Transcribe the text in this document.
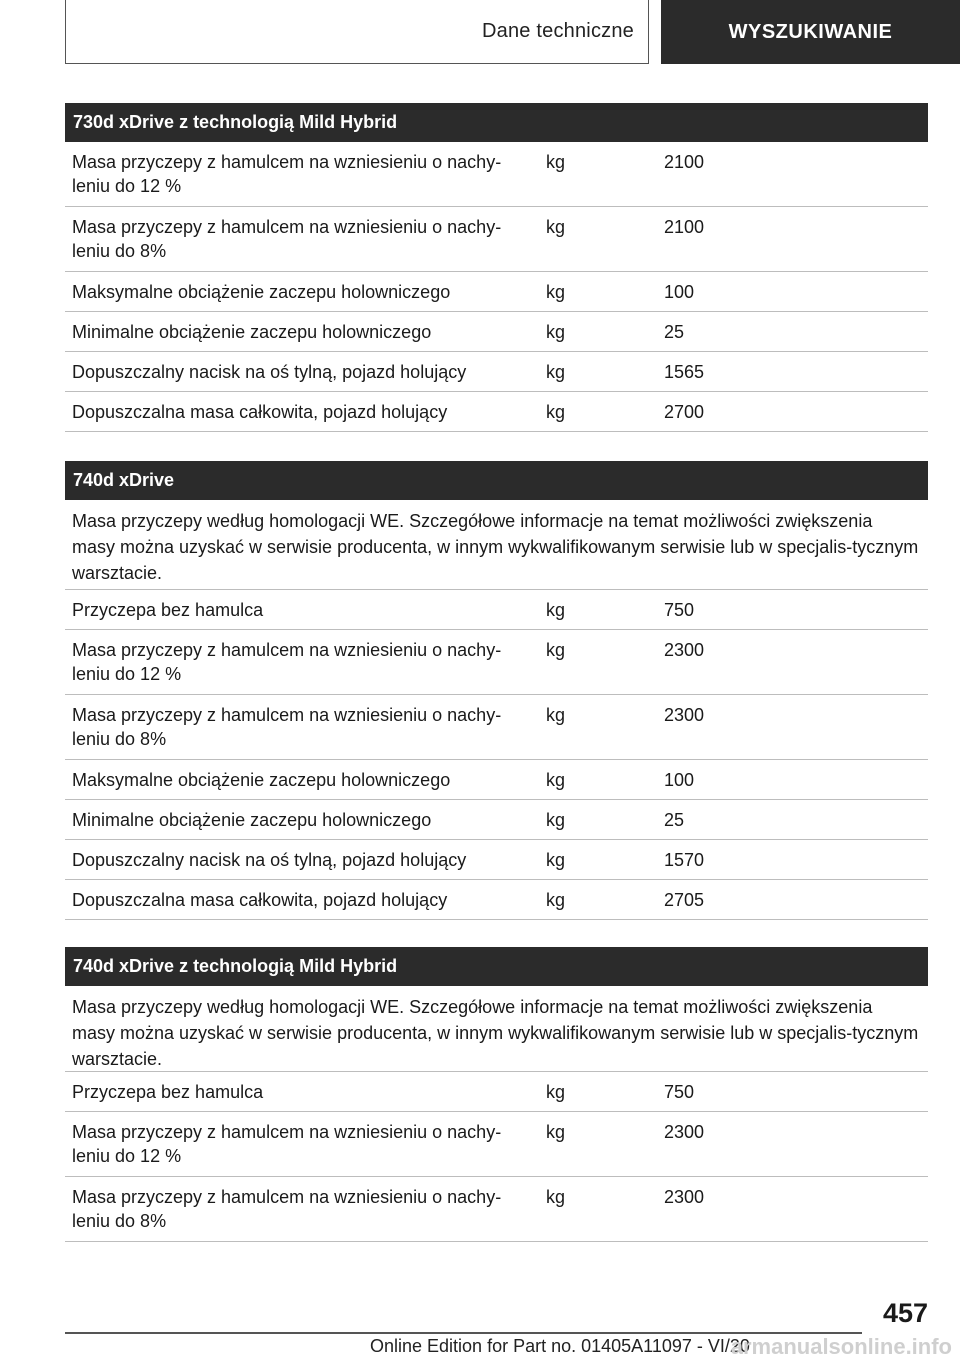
Dane techniczne	WYSZUKIWANIE
730d xDrive z technologią Mild Hybrid
Masa przyczepy z hamulcem na wzniesieniu o nachy-
leniu do 12 %
kg	2100
Masa przyczepy z hamulcem na wzniesieniu o nachy-
leniu do 8%
kg	2100
Maksymalne obciążenie zaczepu holowniczego	kg	100
Minimalne obciążenie zaczepu holowniczego	kg	25
Dopuszczalny nacisk na oś tylną, pojazd holujący	kg	1565
Dopuszczalna masa całkowita, pojazd holujący	kg	2700
740d xDrive
Masa przyczepy według homologacji WE. Szczegółowe informacje na temat możliwości zwiększenia masy można uzyskać w serwisie producenta, w innym wykwalifikowanym serwisie lub w specjalis-tycznym warsztacie.
Przyczepa bez hamulca	kg	750
Masa przyczepy z hamulcem na wzniesieniu o nachy-
leniu do 12 %
kg	2300
Masa przyczepy z hamulcem na wzniesieniu o nachy-
leniu do 8%
kg	2300
Maksymalne obciążenie zaczepu holowniczego	kg	100
Minimalne obciążenie zaczepu holowniczego	kg	25
Dopuszczalny nacisk na oś tylną, pojazd holujący	kg	1570
Dopuszczalna masa całkowita, pojazd holujący	kg	2705
740d xDrive z technologią Mild Hybrid
Masa przyczepy według homologacji WE. Szczegółowe informacje na temat możliwości zwiększenia masy można uzyskać w serwisie producenta, w innym wykwalifikowanym serwisie lub w specjalis-tycznym warsztacie.
Przyczepa bez hamulca	kg	750
Masa przyczepy z hamulcem na wzniesieniu o nachy-
leniu do 12 %
kg	2300
Masa przyczepy z hamulcem na wzniesieniu o nachy-
leniu do 8%
kg	2300
457
Online Edition for Part no. 01405A11097 - VI/20
armanualsonline.info
